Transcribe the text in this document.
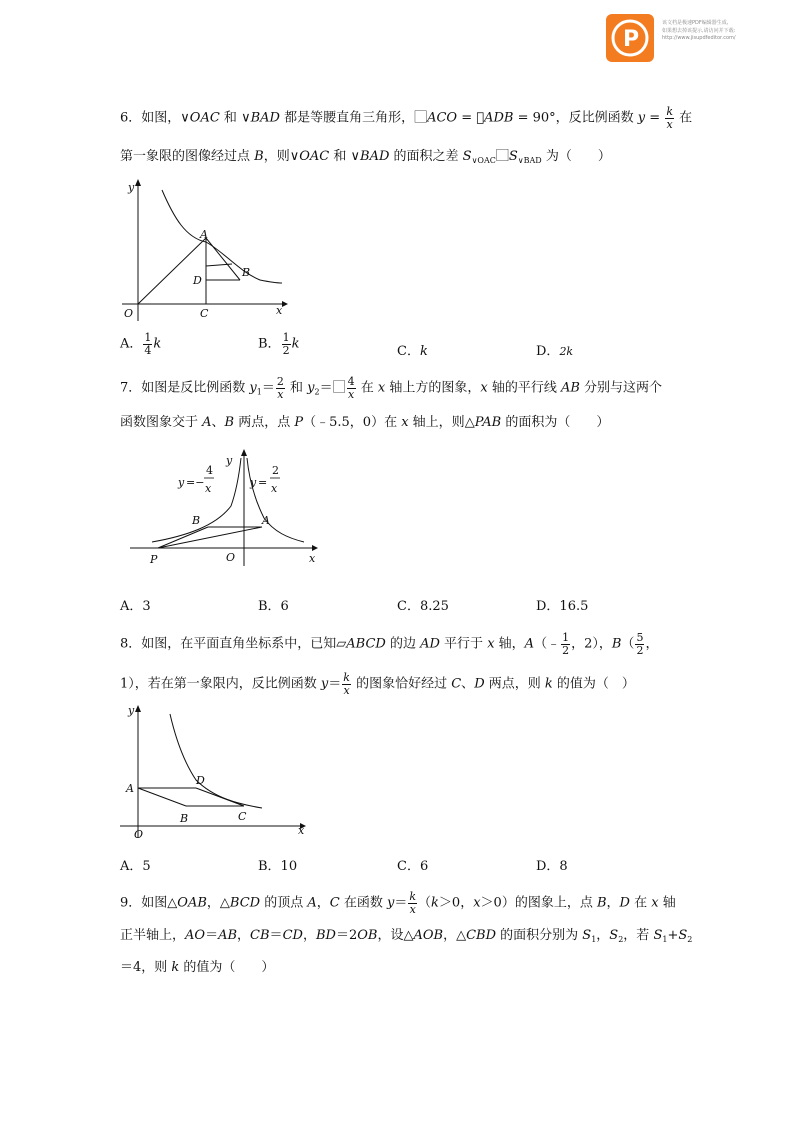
P
该文档是极速PDF编辑器生成,
如果想去掉该提示,请访问并下载:
http://www.jisupdfeditor.com/
6．如图，∨OAC 和 ∨BAD 都是等腰直角三角形，ACO = ADB = 90°，反比例函数 $y = \frac{k}{x}$ 在
第一象限的图像经过点 B，则∨OAC 和 ∨BAD 的面积之差 $S_{\vee OAC}⃞S_{\vee BAD}$ 为（　　）
y
x
O
A
B
C
D
A． $\frac{1}{4}$ k	B． $\frac{1}{2}$ k	C．k	D．2k
7．如图是反比例函数 $y_1= \frac{2}{x}$ 和 $y_2= \frac{4}{x}$ 在 x 轴上方的图象，x 轴的平行线 AB 分别与这两个
函数图象交于 A、B 两点，点 P（﹣5.5，0）在 x 轴上，则△PAB 的面积为（　　）
y =−
4
x
y
y =
2
x
x
O
P
A
B
A．3	B．6	C．8.25	D．16.5
8．如图，在平面直角坐标系中，已知▱ABCD 的边 AD 平行于 x 轴，A（﹣ $\frac{1}{2}$ ，2），$B( \frac{5}{2}$ ，
1），若在第一象限内，反比例函数 $y= \frac{k}{x}$ 的图象恰好经过 C、D 两点，则 k 的值为（　）
y
x
O
A
B	C
D
A．5	B．10	C．6	D．8
9．如图△OAB，△BCD 的顶点 A，C 在函数 $y= \frac{k}{x} (k>0$，x＞0）的图象上，点 B，D 在 x 轴
正半轴上，AO＝AB，CB＝CD，BD＝2OB，设△AOB，△CBD 的面积分别为 $S_1$，$S_2$，若 $S_1+S_2$
＝4，则 k 的值为（　　）
